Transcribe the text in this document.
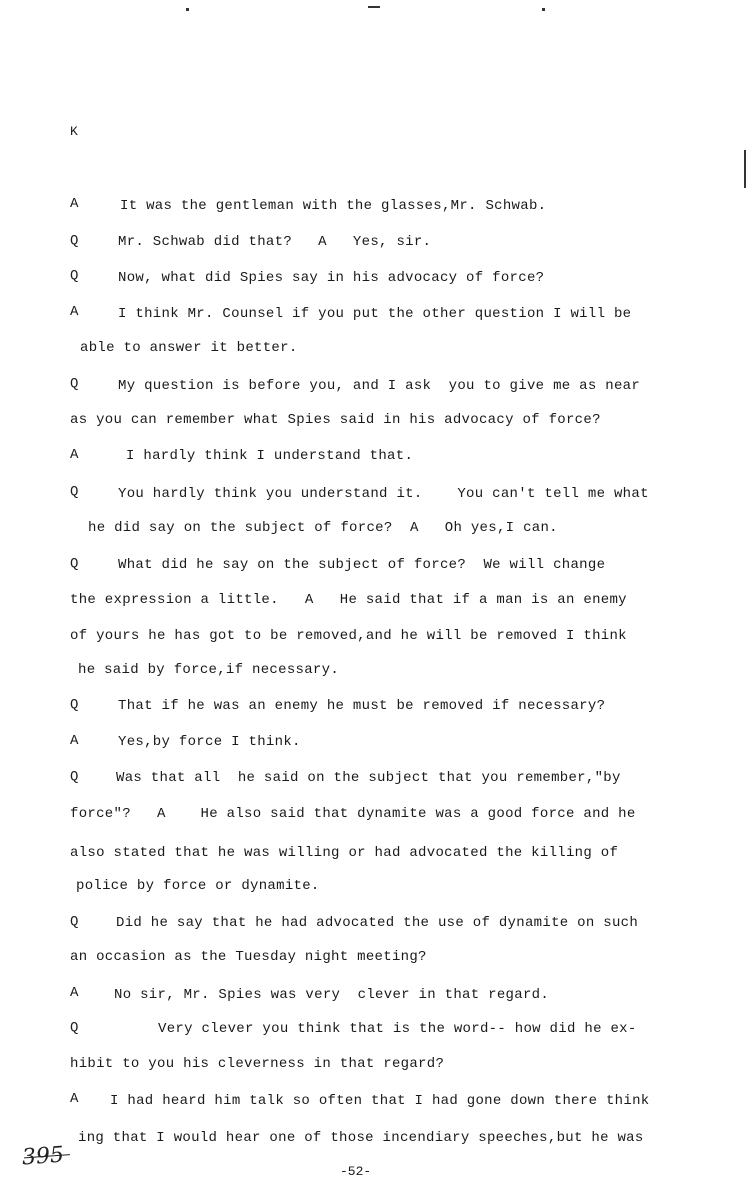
K
A	It was the gentleman with the glasses,Mr. Schwab.
Q	Mr. Schwab did that?   A   Yes, sir.
Q	Now, what did Spies say in his advocacy of force?
A	I think Mr. Counsel if you put the other question I will be
able to answer it better.
Q	My question is before you, and I ask  you to give me as near
as you can remember what Spies said in his advocacy of force?
A	I hardly think I understand that.
Q	You hardly think you understand it.    You can't tell me what
he did say on the subject of force?  A   Oh yes,I can.
Q	What did he say on the subject of force?  We will change
the expression a little.   A   He said that if a man is an enemy
of yours he has got to be removed,and he will be removed I think
he said by force,if necessary.
Q	That if he was an enemy he must be removed if necessary?
A	Yes,by force I think.
Q	Was that all  he said on the subject that you remember,"by
force"?   A    He also said that dynamite was a good force and he
also stated that he was willing or had advocated the killing of
police by force or dynamite.
Q	Did he say that he had advocated the use of dynamite on such
an occasion as the Tuesday night meeting?
A	No sir, Mr. Spies was very  clever in that regard.
Q	Very clever you think that is the word-- how did he ex-
hibit to you his cleverness in that regard?
A I had heard him talk so often that I had gone down there think
ing that I would hear one of those incendiary speeches,but he was
395
-52-
